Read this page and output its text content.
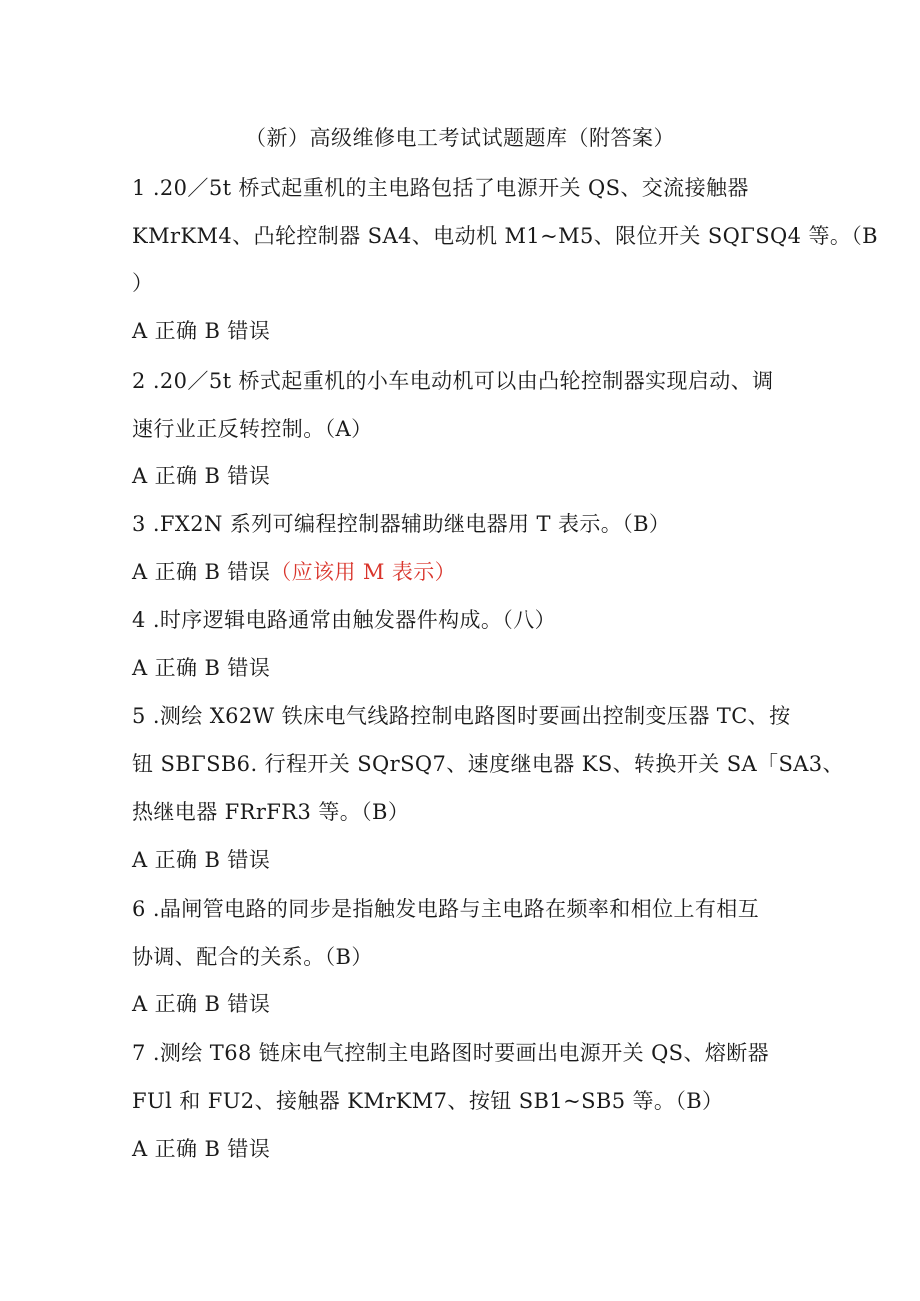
（新）高级维修电工考试试题题库（附答案）
1 .20／5t 桥式起重机的主电路包括了电源开关 QS、交流接触器
KMrKM4、凸轮控制器 SA4、电动机 M1~M5、限位开关 SQΓSQ4 等。（B
）
A 正确 B 错误
2 .20／5t 桥式起重机的小车电动机可以由凸轮控制器实现启动、调
速行业正反转控制。（A）
A 正确 B 错误
3 .FX2N 系列可编程控制器辅助继电器用 T 表示。（B）
A 正确 B 错误（应该用 M 表示）
4 .时序逻辑电路通常由触发器件构成。（八）
A 正确 B 错误
5 .测绘 X62W 铁床电气线路控制电路图时要画出控制变压器 TC、按
钮 SBΓSB6. 行程开关 SQrSQ7、速度继电器 KS、转换开关 SA「SA3、
热继电器 FRrFR3 等。（B）
A 正确 B 错误
6 .晶闸管电路的同步是指触发电路与主电路在频率和相位上有相互
协调、配合的关系。（B）
A 正确 B 错误
7 .测绘 T68 链床电气控制主电路图时要画出电源开关 QS、熔断器
FUl 和 FU2、接触器 KMrKM7、按钮 SB1~SB5 等。（B）
A 正确 B 错误
